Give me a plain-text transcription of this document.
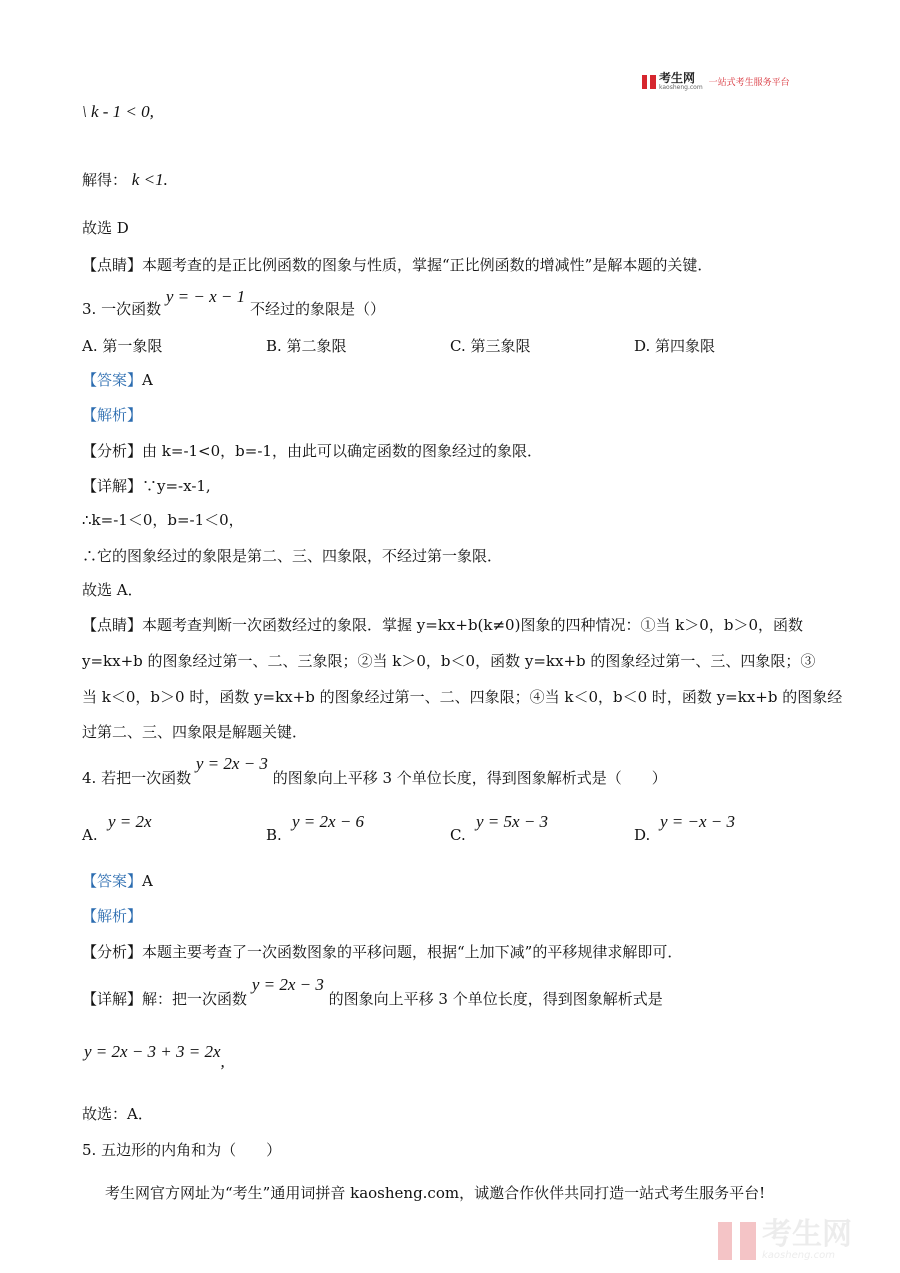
考生网
kaosheng.com 一站式考生服务平台
\ k - 1 < 0,
解得： k <1.
故选 D
【点睛】本题考查的是正比例函数的图象与性质，掌握“正比例函数的增减性”是解本题的关键．
3. 一次函数 y = − x − 1 不经过的象限是（）
A. 第一象限	B. 第二象限	C. 第三象限	D. 第四象限
【答案】A
【解析】
【分析】由 k=-1<0，b=-1，由此可以确定函数的图象经过的象限．
【详解】∵y=-x-1,
∴k=-1＜0，b=-1＜0，
∴它的图象经过的象限是第二、三、四象限，不经过第一象限．
故选 A．
【点睛】本题考查判断一次函数经过的象限．掌握 y=kx+b(k≠0)图象的四种情况：①当 k＞0，b＞0，函数
y=kx+b 的图象经过第一、二、三象限；②当 k＞0，b＜0，函数 y=kx+b 的图象经过第一、三、四象限；③
当 k＜0，b＞0 时，函数 y=kx+b 的图象经过第一、二、四象限；④当 k＜0，b＜0 时，函数 y=kx+b 的图象经
过第二、三、四象限是解题关键．
4. 若把一次函数 y = 2x − 3 的图象向上平移 3 个单位长度，得到图象解析式是（　　）
A.
y = 2x
B.
y = 2x − 6
C.
y = 5x − 3
D.
y = −x − 3
【答案】A
【解析】
【分析】本题主要考查了一次函数图象的平移问题，根据“上加下减”的平移规律求解即可．
【详解】解：把一次函数 y = 2x − 3 的图象向上平移 3 个单位长度，得到图象解析式是
y = 2x − 3 + 3 = 2x,
故选：A．
5. 五边形的内角和为（　　）
考生网官方网址为“考生”通用词拼音 kaosheng.com，诚邀合作伙伴共同打造一站式考生服务平台!
考生网
kaosheng.com
